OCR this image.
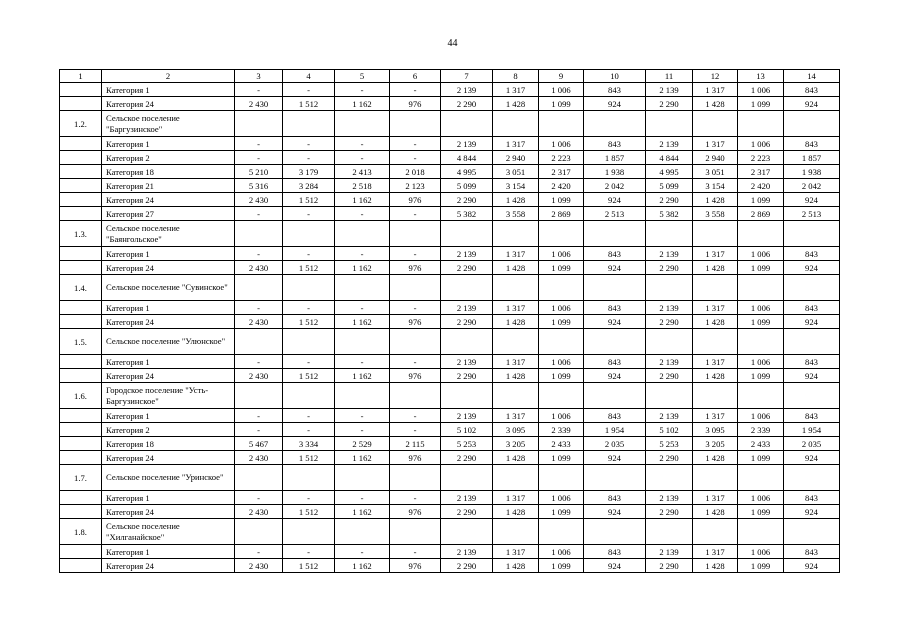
44
1	2	3	4	5	6	7	8	9	10	11	12	13	14
	Категория 1	-	-	-	-	2 139	1 317	1 006	843	2 139	1 317	1 006	843
	Категория 24	2 430	1 512	1 162	976	2 290	1 428	1 099	924	2 290	1 428	1 099	924
1.2.	Сельское поселение "Баргузинское"												
	Категория 1	-	-	-	-	2 139	1 317	1 006	843	2 139	1 317	1 006	843
	Категория 2	-	-	-	-	4 844	2 940	2 223	1 857	4 844	2 940	2 223	1 857
	Категория 18	5 210	3 179	2 413	2 018	4 995	3 051	2 317	1 938	4 995	3 051	2 317	1 938
	Категория 21	5 316	3 284	2 518	2 123	5 099	3 154	2 420	2 042	5 099	3 154	2 420	2 042
	Категория 24	2 430	1 512	1 162	976	2 290	1 428	1 099	924	2 290	1 428	1 099	924
	Категория 27	-	-	-	-	5 382	3 558	2 869	2 513	5 382	3 558	2 869	2 513
1.3.	Сельское поселение "Баянгольское"												
	Категория 1	-	-	-	-	2 139	1 317	1 006	843	2 139	1 317	1 006	843
	Категория 24	2 430	1 512	1 162	976	2 290	1 428	1 099	924	2 290	1 428	1 099	924
1.4.	Сельское поселение "Сувинское"												
	Категория 1	-	-	-	-	2 139	1 317	1 006	843	2 139	1 317	1 006	843
	Категория 24	2 430	1 512	1 162	976	2 290	1 428	1 099	924	2 290	1 428	1 099	924
1.5.	Сельское поселение "Улюнское"												
	Категория 1	-	-	-	-	2 139	1 317	1 006	843	2 139	1 317	1 006	843
	Категория 24	2 430	1 512	1 162	976	2 290	1 428	1 099	924	2 290	1 428	1 099	924
1.6.	Городское поселение "Усть-Баргузинское"												
	Категория 1	-	-	-	-	2 139	1 317	1 006	843	2 139	1 317	1 006	843
	Категория 2	-	-	-	-	5 102	3 095	2 339	1 954	5 102	3 095	2 339	1 954
	Категория 18	5 467	3 334	2 529	2 115	5 253	3 205	2 433	2 035	5 253	3 205	2 433	2 035
	Категория 24	2 430	1 512	1 162	976	2 290	1 428	1 099	924	2 290	1 428	1 099	924
1.7.	Сельское поселение "Уринское"												
	Категория 1	-	-	-	-	2 139	1 317	1 006	843	2 139	1 317	1 006	843
	Категория 24	2 430	1 512	1 162	976	2 290	1 428	1 099	924	2 290	1 428	1 099	924
1.8.	Сельское поселение "Хилганайское"												
	Категория 1	-	-	-	-	2 139	1 317	1 006	843	2 139	1 317	1 006	843
	Категория 24	2 430	1 512	1 162	976	2 290	1 428	1 099	924	2 290	1 428	1 099	924
